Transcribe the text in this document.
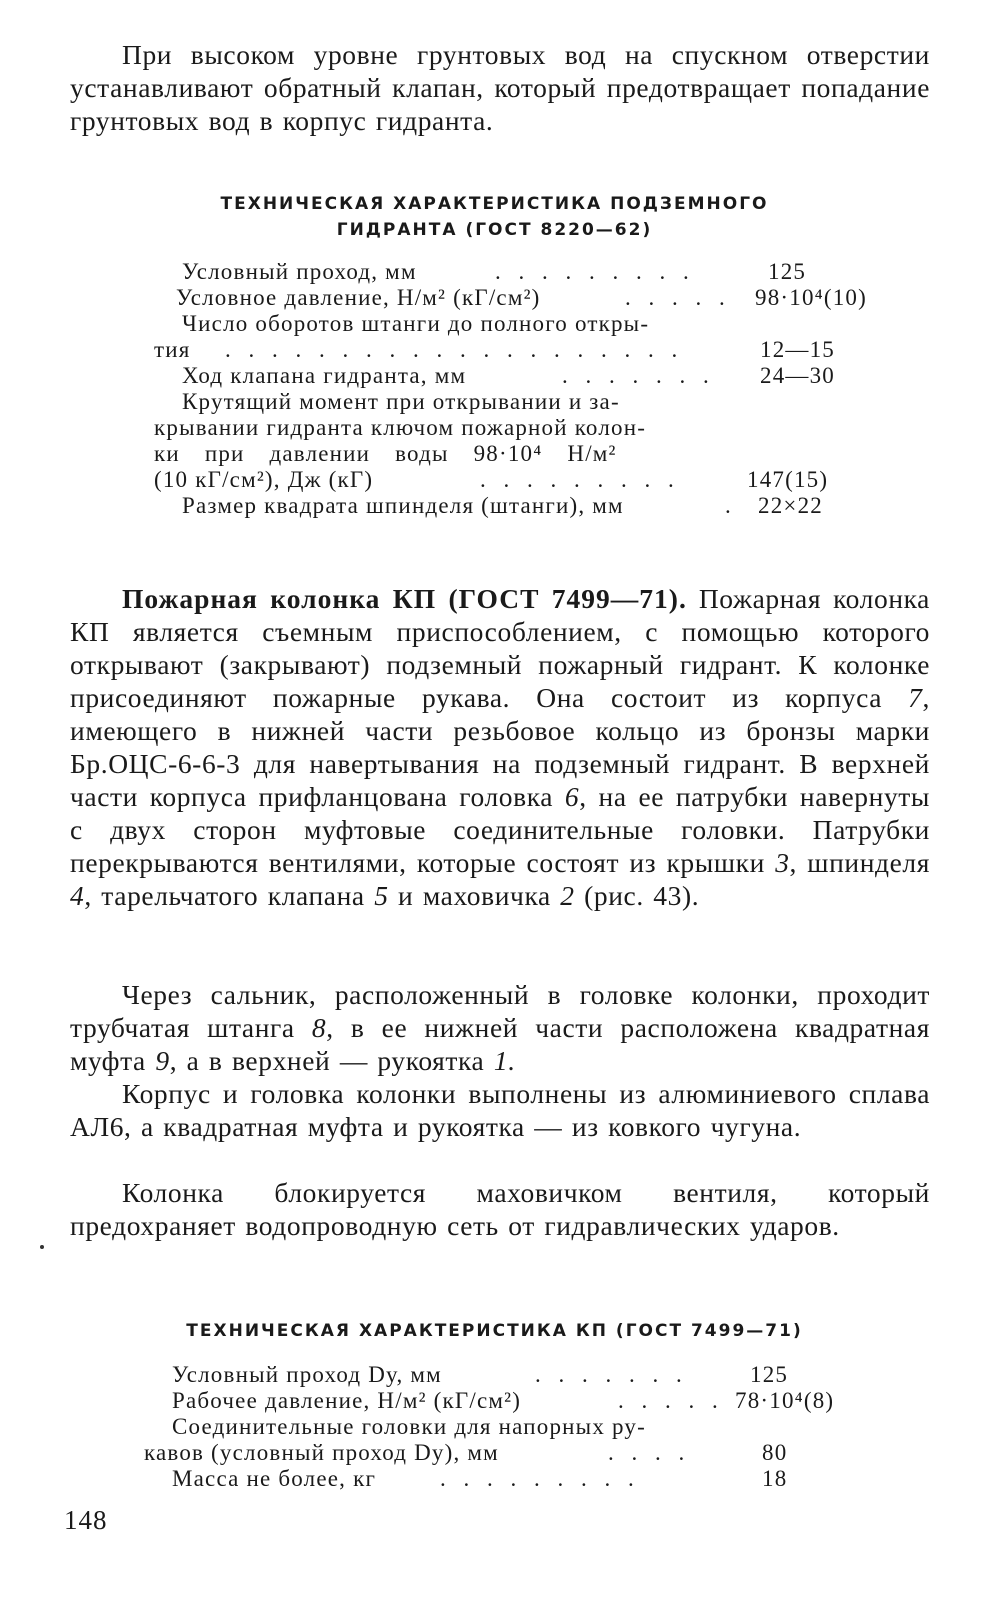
При высоком уровне грунтовых вод на спускном отверстии устанавливают обратный клапан, который предотвращает попадание грунтовых вод в корпус гидранта.

ТЕХНИЧЕСКАЯ ХАРАКТЕРИСТИКА ПОДЗЕМНОГО
ГИДРАНТА (ГОСТ 8220—62)
Условный проход, мм	. . . . . . . . .	125
Условное давление, Н/м² (кГ/см²)	. . . . .	98·10⁴(10)
Число оборотов штанги до полного откры-
тия . . . . . . . . . . . . . . . . . . . .	12—15
Ход клапана гидранта, мм	. . . . . . .	24—30
Крутящий момент при открывании и за-
крывании гидранта ключом пожарной колон-
ки при давлении воды 98·10⁴ Н/м²
(10 кГ/см²), Дж (кГ)	. . . . . . . . .	147(15)
Размер квадрата шпинделя (штанги), мм	. 22×22

Пожарная колонка КП (ГОСТ 7499—71). Пожарная колонка КП является съемным приспособлением, с помощью которого открывают (закрывают) подземный пожарный гидрант. К колонке присоединяют пожарные рукава. Она состоит из корпуса 7, имеющего в нижней части резьбовое кольцо из бронзы марки Бр.ОЦС-6-6-3 для навертывания на подземный гидрант. В верхней части корпуса прифланцована головка 6, на ее патрубки навернуты с двух сторон муфтовые соединительные головки. Патрубки перекрываются вентилями, которые состоят из крышки 3, шпинделя 4, тарельчатого клапана 5 и маховичка 2 (рис. 43).

Через сальник, расположенный в головке колонки, проходит трубчатая штанга 8, в ее нижней части расположена квадратная муфта 9, а в верхней — рукоятка 1.

Корпус и головка колонки выполнены из алюминиевого сплава АЛ6, а квадратная муфта и рукоятка — из ковкого чугуна.

Колонка блокируется маховичком вентиля, который предохраняет водопроводную сеть от гидравлических ударов.

ТЕХНИЧЕСКАЯ ХАРАКТЕРИСТИКА КП (ГОСТ 7499—71)
Условный проход Dу, мм	. . . . . . .	125
Рабочее давление, Н/м² (кГ/см²)	. . . . . 78·10⁴(8)
Соединительные головки для напорных ру-
кавов (условный проход Dу), мм	. . . .	80
Масса не более, кг	. . . . . . . . .	18
148
